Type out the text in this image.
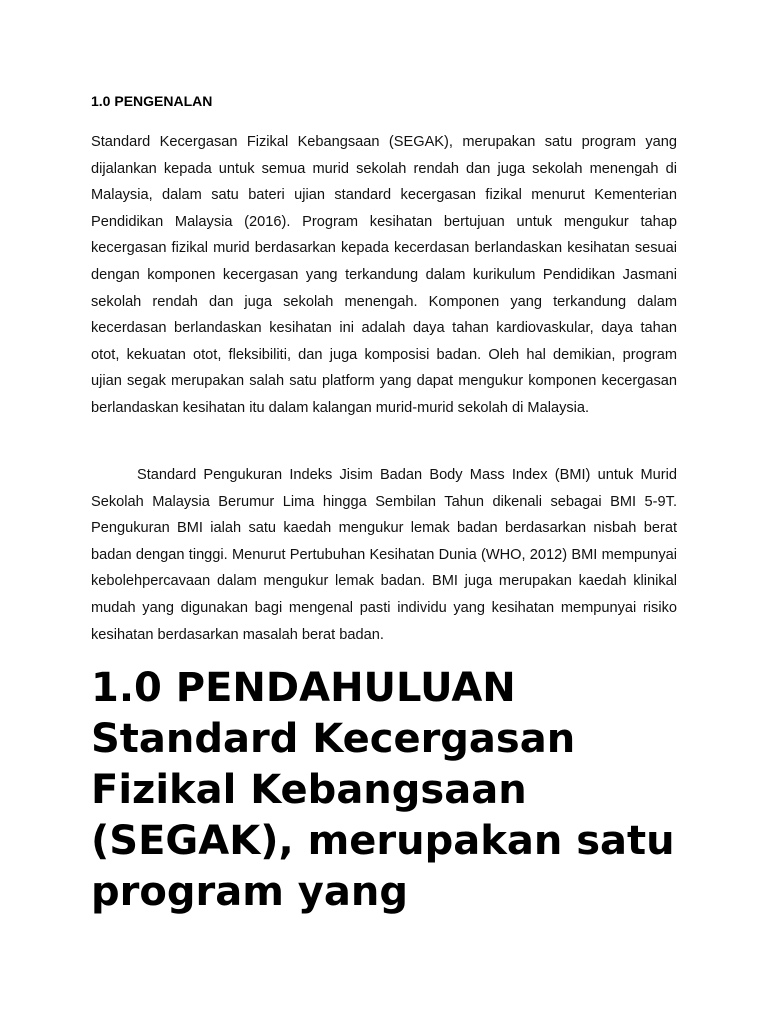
1.0 PENGENALAN

Standard Kecergasan Fizikal Kebangsaan (SEGAK), merupakan satu program yang dijalankan kepada untuk semua murid sekolah rendah dan juga sekolah menengah di Malaysia, dalam satu bateri ujian standard kecergasan fizikal menurut Kementerian Pendidikan Malaysia (2016). Program kesihatan bertujuan untuk mengukur tahap kecergasan fizikal murid berdasarkan kepada kecerdasan berlandaskan kesihatan sesuai dengan komponen kecergasan yang terkandung dalam kurikulum Pendidikan Jasmani sekolah rendah dan juga sekolah menengah. Komponen yang terkandung dalam kecerdasan berlandaskan kesihatan ini adalah daya tahan kardiovaskular, daya tahan otot, kekuatan otot, fleksibiliti, dan juga komposisi badan. Oleh hal demikian, program ujian segak merupakan salah satu platform yang dapat mengukur komponen kecergasan berlandaskan kesihatan itu dalam kalangan murid-murid sekolah di Malaysia.

Standard Pengukuran Indeks Jisim Badan Body Mass Index (BMI) untuk Murid Sekolah Malaysia Berumur Lima hingga Sembilan Tahun dikenali sebagai BMI 5-9T. Pengukuran BMI ialah satu kaedah mengukur lemak badan berdasarkan nisbah berat badan dengan tinggi. Menurut Pertubuhan Kesihatan Dunia (WHO, 2012) BMI mempunyai kebolehpercavaan dalam mengukur lemak badan. BMI juga merupakan kaedah klinikal mudah yang digunakan bagi mengenal pasti individu yang kesihatan mempunyai risiko kesihatan berdasarkan masalah berat badan.

1.0 PENDAHULUAN Standard Kecergasan Fizikal Kebangsaan (SEGAK), merupakan satu program yang
